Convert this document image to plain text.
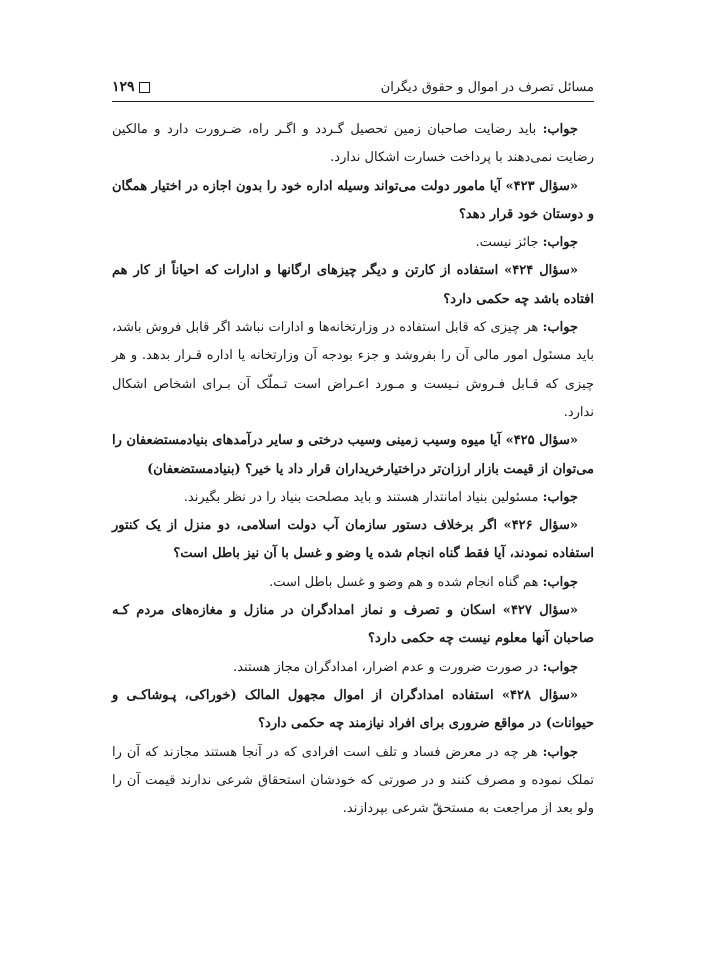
مسائل تصرف در اموال و حقوق دیگران
۱۲۹

جواب: باید رضایت صاحبان زمین تحصیل گـردد و اگـر راه، ضـرورت دارد و مالکین رضایت نمی‌دهند با پرداخت خسارت اشکال ندارد.

«سؤال ۴۲۳» آیا مامور دولت می‌تواند وسیله اداره خود را بدون اجازه در اختیار همگان و دوستان خود قرار دهد؟

جواب: جائز نیست.

«سؤال ۴۲۴» استفاده از کارتن و دیگر چیزهای ارگانها و ادارات که احیاناً از کار هم افتاده باشد چه حکمی دارد؟

جواب: هر چیزی که قابل استفاده در وزارتخانه‌ها و ادارات نباشد اگر قابل فروش باشد، باید مسئول امور مالی آن را بفروشد و جزء بودجه آن وزارتخانه یا اداره قـرار بدهد. و هر چیزی که قـابل فـروش نـیست و مـورد اعـراض است تـملّک آن بـرای اشخاص اشکال ندارد.

«سؤال ۴۲۵» آیا میوه وسیب زمینی وسیب درختی و سایر درآمدهای بنیادمستضعفان را می‌توان از قیمت بازار ارزان‌تر دراختیارخریداران قرار داد یا خیر؟ (بنیادمستضعفان)

جواب: مسئولین بنیاد امانتدار هستند و باید مصلحت بنیاد را در نظر بگیرند.

«سؤال ۴۲۶» اگر برخلاف دستور سازمان آب دولت اسلامی، دو منزل از یک کنتور استفاده نمودند، آیا فقط گناه انجام شده یا وضو و غسل با آن نیز باطل است؟

جواب: هم گناه انجام شده و هم وضو و غسل باطل است.

«سؤال ۴۲۷» اسکان و تصرف و نماز امدادگران در منازل و مغازه‌های مردم کـه صاحبان آنها معلوم نیست چه حکمی دارد؟

جواب: در صورت ضرورت و عدم اضرار، امدادگران مجاز هستند.

«سؤال ۴۲۸» استفاده امدادگران از اموال مجهول المالک (خوراکی، پـوشاکـی و حیوانات) در مواقع ضروری برای افراد نیازمند چه حکمی دارد؟

جواب: هر چه در معرض فساد و تلف است افرادی که در آنجا هستند مجازند که آن را تملک نموده و مصرف کنند و در صورتی که خودشان استحقاق شرعی ندارند قیمت آن را ولو بعد از مراجعت به مستحقّ شرعی بپردازند.
